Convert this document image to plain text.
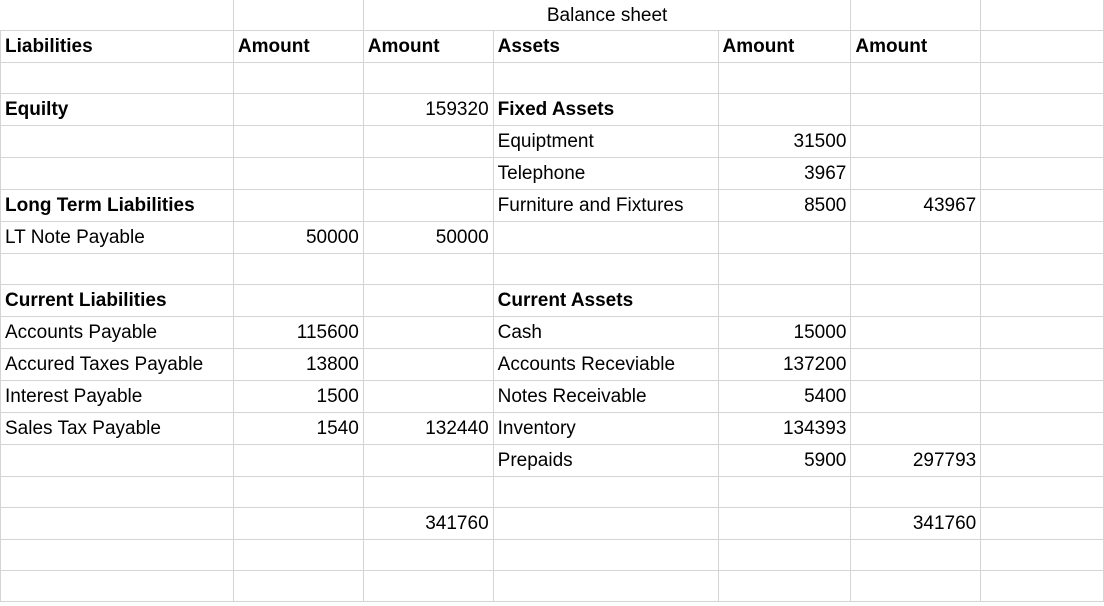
		Balance sheet				
Liabilities	Amount	Amount	Assets	Amount	Amount	

Equilty		159320	Fixed Assets			
			Equiptment	31500		
			Telephone	3967		
Long Term Liabilities			Furniture and Fixtures	8500	43967	
LT Note Payable	50000	50000				

Current Liabilities			Current Assets			
Accounts Payable	115600		Cash	15000		
Accured Taxes Payable	13800		Accounts Receviable	137200		
Interest Payable	1500		Notes Receivable	5400		
Sales Tax Payable	1540	132440	Inventory	134393		
			Prepaids	5900	297793	

		341760			341760	
